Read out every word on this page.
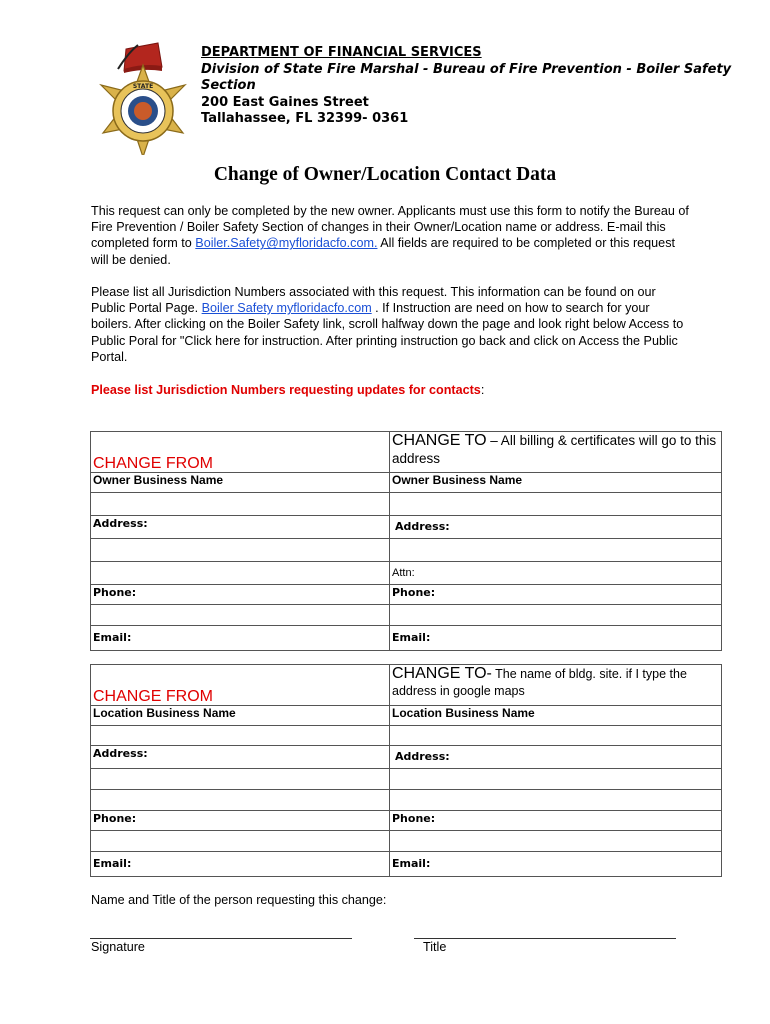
STATE
DEPARTMENT OF FINANCIAL SERVICES
Division of State Fire Marshal - Bureau of Fire Prevention - Boiler Safety Section
200 East Gaines Street
Tallahassee, FL 32399- 0361
Change of Owner/Location Contact Data
This request can only be completed by the new owner. Applicants must use this form to notify the Bureau of Fire Prevention / Boiler Safety Section of changes in their Owner/Location name or address. E-mail this completed form to Boiler.Safety@myfloridacfo.com. All fields are required to be completed or this request will be denied.
Please list all Jurisdiction Numbers associated with this request. This information can be found on our Public Portal Page. Boiler Safety myfloridacfo.com . If Instruction are need on how to search for your boilers. After clicking on the Boiler Safety link, scroll halfway down the page and look right below Access to Public Poral for "Click here for instruction. After printing instruction go back and click on Access the Public Portal.
Please list Jurisdiction Numbers requesting updates for contacts:
CHANGE FROM	CHANGE TO – All billing & certificates will go to this address
Owner Business Name	Owner Business Name

Address:	Address:

	Attn:
Phone:	Phone:

Email:	Email:
CHANGE FROM	CHANGE TO- The name of bldg. site. if I type the address in google maps
Location Business Name	Location Business Name

Address:	Address:

Phone:	Phone:

Email:	Email:
Name and Title of the person requesting this change:
Signature	Title
